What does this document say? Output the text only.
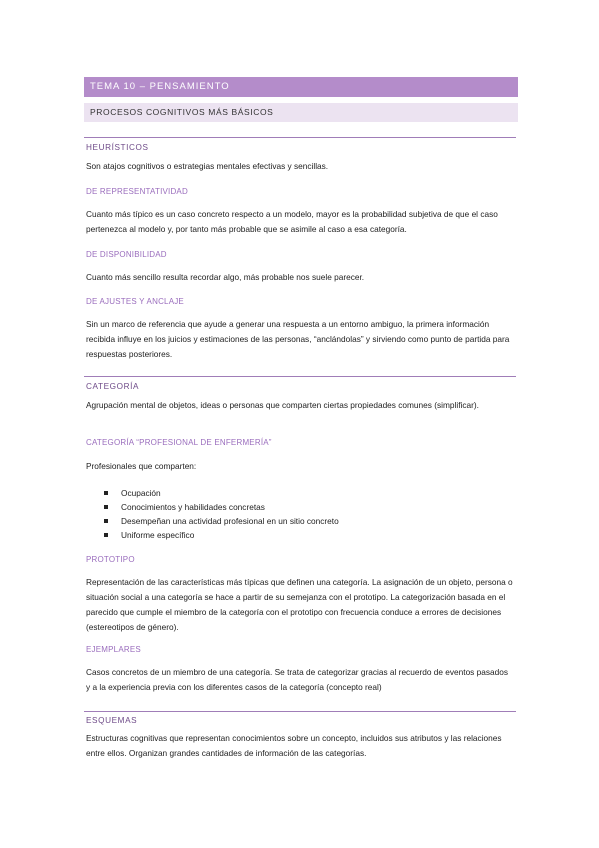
TEMA 10 – PENSAMIENTO
PROCESOS COGNITIVOS MÁS BÁSICOS
HEURÍSTICOS
Son atajos cognitivos o estrategias mentales efectivas y sencillas.
DE REPRESENTATIVIDAD
Cuanto más típico es un caso concreto respecto a un modelo, mayor es la probabilidad subjetiva de que el caso pertenezca al modelo y, por tanto más probable que se asimile al caso a esa categoría.
DE DISPONIBILIDAD
Cuanto más sencillo resulta recordar algo, más probable nos suele parecer.
DE AJUSTES Y ANCLAJE
Sin un marco de referencia que ayude a generar una respuesta a un entorno ambiguo, la primera información recibida influye en los juicios y estimaciones de las personas, “anclándolas” y sirviendo como punto de partida para respuestas posteriores.
CATEGORÍA
Agrupación mental de objetos, ideas o personas que comparten ciertas propiedades comunes (simplificar).
CATEGORÍA “PROFESIONAL DE ENFERMERÍA”
Profesionales que comparten:
Ocupación
Conocimientos y habilidades concretas
Desempeñan una actividad profesional en un sitio concreto
Uniforme específico
PROTOTIPO
Representación de las características más típicas que definen una categoría. La asignación de un objeto, persona o situación social a una categoría se hace a partir de su semejanza con el prototipo. La categorización basada en el parecido que cumple el miembro de la categoría con el prototipo con frecuencia conduce a errores de decisiones (estereotipos de género).
EJEMPLARES
Casos concretos de un miembro de una categoría. Se trata de categorizar gracias al recuerdo de eventos pasados y a la experiencia previa con los diferentes casos de la categoría (concepto real)
ESQUEMAS
Estructuras cognitivas que representan conocimientos sobre un concepto, incluidos sus atributos y las relaciones entre ellos. Organizan grandes cantidades de información de las categorías.
